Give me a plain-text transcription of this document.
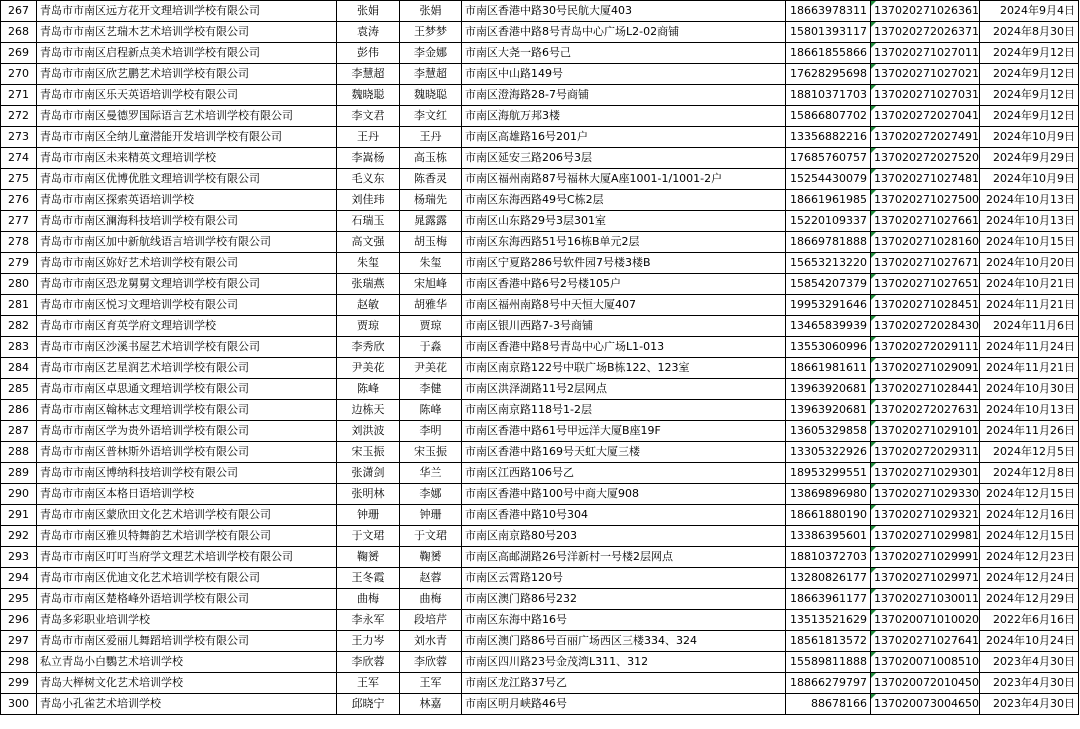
267	青岛市市南区远方花开文理培训学校有限公司	张娟	张娟	市南区香港中路30号民航大厦403	18663978311	137020271026361	2024年9月4日
268	青岛市市南区艺瑞木艺术培训学校有限公司	袁涛	王梦梦	市南区香港中路8号青岛中心广场L2-02商铺	15801393117	137020272026371	2024年8月30日
269	青岛市市南区启程新点美术培训学校有限公司	彭伟	李金娜	市南区大尧一路6号己	18661855866	137020271027011	2024年9月12日
270	青岛市市南区欣艺鹏艺术培训学校有限公司	李慧超	李慧超	市南区中山路149号	17628295698	137020271027021	2024年9月12日
271	青岛市市南区乐天英语培训学校有限公司	魏晓聪	魏晓聪	市南区澄海路28-7号商铺	18810371703	137020271027031	2024年9月12日
272	青岛市市南区曼德罗国际语言艺术培训学校有限公司	李文君	李文红	市南区海航万邦3楼	15866807702	137020272027041	2024年9月12日
273	青岛市市南区全纳儿童潜能开发培训学校有限公司	王丹	王丹	市南区高雄路16号201户	13356882216	137020272027491	2024年10月9日
274	青岛市市南区未来精英文理培训学校	李嵩杨	高玉栋	市南区延安三路206号3层	17685760757	137020272027520	2024年9月29日
275	青岛市市南区优博优胜文理培训学校有限公司	毛义东	陈香灵	市南区福州南路87号福林大厦A座1001-1/1001-2户	15254430079	137020271027481	2024年10月9日
276	青岛市市南区探索英语培训学校	刘佳玮	杨瑞先	市南区东海西路49号C栋2层	18661961985	137020271027500	2024年10月13日
277	青岛市市南区澜海科技培训学校有限公司	石瑞玉	晁露露	市南区山东路29号3层301室	15220109337	137020271027661	2024年10月13日
278	青岛市市南区加中新航线语言培训学校有限公司	高文强	胡玉梅	市南区东海西路51号16栋B单元2层	18669781888	137020271028160	2024年10月15日
279	青岛市市南区妳好艺术培训学校有限公司	朱玺	朱玺	市南区宁夏路286号软件园7号楼3楼B	15653213220	137020271027671	2024年10月20日
280	青岛市市南区恐龙舅舅文理培训学校有限公司	张瑞燕	宋旭峰	市南区香港中路6号2号楼105户	15854207379	137020271027651	2024年10月21日
281	青岛市市南区悦习文理培训学校有限公司	赵敏	胡雅华	市南区福州南路8号中天恒大厦407	19953291646	137020271028451	2024年11月21日
282	青岛市市南区育英学府文理培训学校	贾琼	贾琼	市南区银川西路7-3号商铺	13465839939	137020272028430	2024年11月6日
283	青岛市市南区沙溪书屋艺术培训学校有限公司	李秀欣	于淼	市南区香港中路8号青岛中心广场L1-013	13553060996	137020272029111	2024年11月24日
284	青岛市市南区艺星润艺术培训学校有限公司	尹美花	尹美花	市南区南京路122号中联广场B栋122、123室	18661981611	137020271029091	2024年11月21日
285	青岛市市南区卓思通文理培训学校有限公司	陈峰	李健	市南区洪泽湖路11号2层网点	13963920681	137020271028441	2024年10月30日
286	青岛市市南区翰林志文理培训学校有限公司	边栋天	陈峰	市南区南京路118号1-2层	13963920681	137020272027631	2024年10月13日
287	青岛市市南区学为贵外语培训学校有限公司	刘洪波	李明	市南区香港中路61号甲远洋大厦B座19F	13605329858	137020271029101	2024年11月26日
288	青岛市市南区普林斯外语培训学校有限公司	宋玉振	宋玉振	市南区香港中路169号天虹大厦三楼	13305322926	137020272029311	2024年12月5日
289	青岛市市南区博纳科技培训学校有限公司	张潇剑	华兰	市南区江西路106号乙	18953299551	137020271029301	2024年12月8日
290	青岛市市南区本格日语培训学校	张明林	李娜	市南区香港中路100号中商大厦908	13869896980	137020271029330	2024年12月15日
291	青岛市市南区蒙欣田文化艺术培训学校有限公司	钟珊	钟珊	市南区香港中路10号304	18661880190	137020271029321	2024年12月16日
292	青岛市市南区雅贝特舞韵艺术培训学校有限公司	于文珺	于文珺	市南区南京路80号203	13386395601	137020271029981	2024年12月15日
293	青岛市市南区叮叮当府学文理艺术培训学校有限公司	鞠赟	鞠赟	市南区高邮湖路26号洋新村一号楼2层网点	18810372703	137020271029991	2024年12月23日
294	青岛市市南区优迪文化艺术培训学校有限公司	王冬霞	赵蓉	市南区云霄路120号	13280826177	137020271029971	2024年12月24日
295	青岛市市南区楚格峰外语培训学校有限公司	曲梅	曲梅	市南区澳门路86号232	18663961177	137020271030011	2024年12月29日
296	青岛多彩职业培训学校	李永军	段培芹	市南区东海中路16号	13513521629	137020071010020	2022年6月16日
297	青岛市市南区爱丽儿舞蹈培训学校有限公司	王力岑	刘水青	市南区澳门路86号百丽广场西区三楼334、324	18561813572	137020271027641	2024年10月24日
298	私立青岛小白鸚艺术培训学校	李欣蓉	李欣蓉	市南区四川路23号金茂湾L311、312	15589811888	137020071008510	2023年4月30日
299	青岛大榉树文化艺术培训学校	王军	王军	市南区龙江路37号乙	18866279797	137020072010450	2023年4月30日
300	青岛小孔雀艺术培训学校	邱晓宁	林嘉	市南区明月峡路46号	88678166	137020073004650	2023年4月30日
